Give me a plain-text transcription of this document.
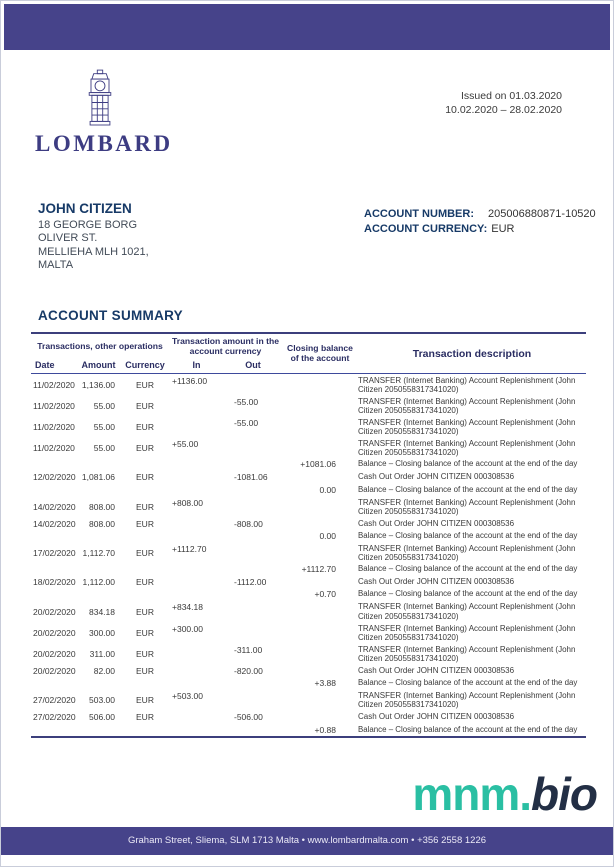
LOMBARD
Issued on 01.03.2020
10.02.2020 – 28.02.2020
JOHN CITIZEN
18 GEORGE BORG
OLIVER ST.
MELLIEHA MLH 1021,
MALTA
ACCOUNT NUMBER: 205006880871-10520
ACCOUNT CURRENCY: EUR
ACCOUNT SUMMARY
Transactions, other operations			Transaction amount in the account currency		Closing balance of the account	Transaction description
Date	Amount	Currency	In	Out		
11/02/2020	1,136.00	EUR	+1136.00			TRANSFER (Internet Banking) Account Replenishment (John Citizen 2050558317341020)
11/02/2020	55.00	EUR		-55.00		TRANSFER (Internet Banking) Account Replenishment (John Citizen 2050558317341020)
11/02/2020	55.00	EUR		-55.00		TRANSFER (Internet Banking) Account Replenishment (John Citizen 2050558317341020)
11/02/2020	55.00	EUR	+55.00			TRANSFER (Internet Banking) Account Replenishment (John Citizen 2050558317341020)
					+1081.06	Balance – Closing balance of the account at the end of the day
12/02/2020	1,081.06	EUR		-1081.06		Cash Out Order JOHN CITIZEN 000308536
					0.00	Balance – Closing balance of the account at the end of the day
14/02/2020	808.00	EUR	+808.00			TRANSFER (Internet Banking) Account Replenishment (John Citizen 2050558317341020)
14/02/2020	808.00	EUR		-808.00		Cash Out Order JOHN CITIZEN 000308536
					0.00	Balance – Closing balance of the account at the end of the day
17/02/2020	1,112.70	EUR	+1112.70			TRANSFER (Internet Banking) Account Replenishment (John Citizen 2050558317341020)
					+1112.70	Balance – Closing balance of the account at the end of the day
18/02/2020	1,112.00	EUR		-1112.00		Cash Out Order JOHN CITIZEN 000308536
					+0.70	Balance – Closing balance of the account at the end of the day
20/02/2020	834.18	EUR	+834.18			TRANSFER (Internet Banking) Account Replenishment (John Citizen 2050558317341020)
20/02/2020	300.00	EUR	+300.00			TRANSFER (Internet Banking) Account Replenishment (John Citizen 2050558317341020)
20/02/2020	311.00	EUR		-311.00		TRANSFER (Internet Banking) Account Replenishment (John Citizen 2050558317341020)
20/02/2020	82.00	EUR		-820.00		Cash Out Order JOHN CITIZEN 000308536
					+3.88	Balance – Closing balance of the account at the end of the day
27/02/2020	503.00	EUR	+503.00			TRANSFER (Internet Banking) Account Replenishment (John Citizen 2050558317341020)
27/02/2020	506.00	EUR		-506.00		Cash Out Order JOHN CITIZEN 000308536
					+0.88	Balance – Closing balance of the account at the end of the day
mnm.bio
Graham Street, Sliema, SLM 1713 Malta • www.lombardmalta.com • +356 2558 1226
